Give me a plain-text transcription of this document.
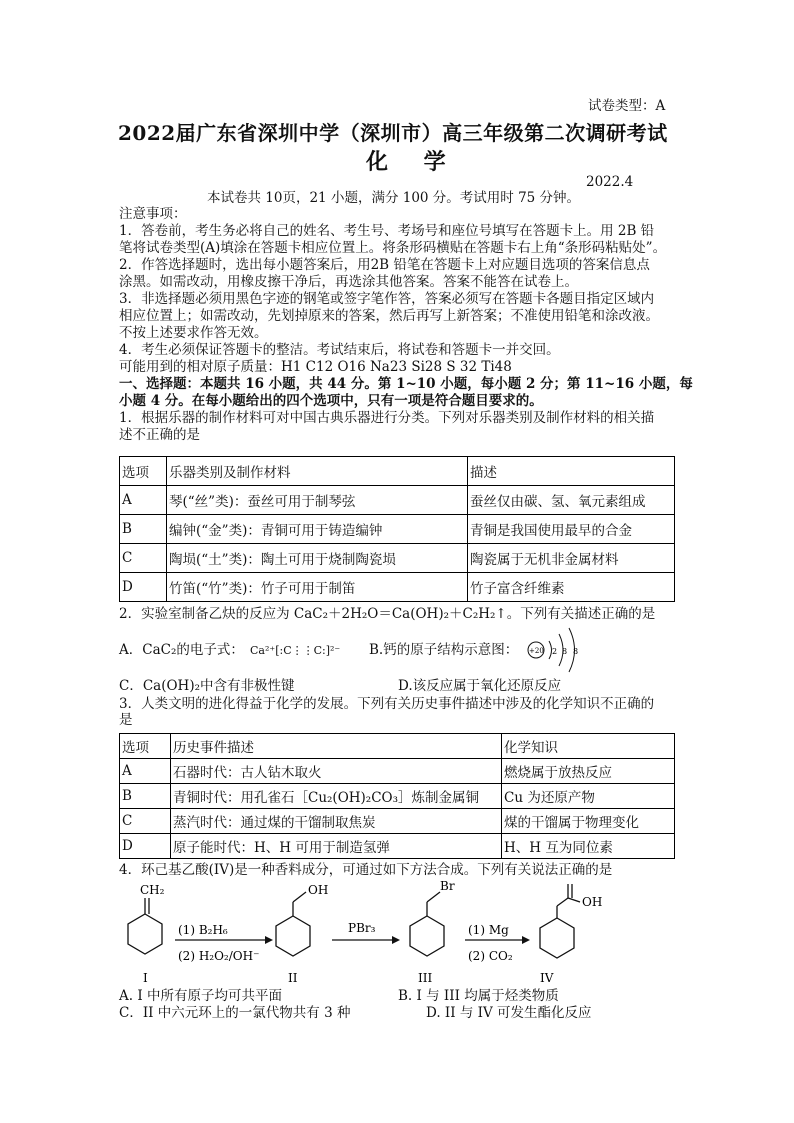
试卷类型：A
2022届广东省深圳中学（深圳市）高三年级第二次调研考试
化 学
2022.4
本试卷共 10页，21 小题，满分 100 分。考试用时 75 分钟。
注意事项：
1．答卷前，考生务必将自己的姓名、考生号、考场号和座位号填写在答题卡上。用 2B 铅
笔将试卷类型(A)填涂在答题卡相应位置上。将条形码横贴在答题卡右上角“条形码粘贴处”。
2．作答选择题时，选出每小题答案后，用2B 铅笔在答题卡上对应题目选项的答案信息点
涂黑。如需改动，用橡皮擦干净后，再选涂其他答案。答案不能答在试卷上。
3．非选择题必须用黑色字迹的钢笔或签字笔作答，答案必须写在答题卡各题目指定区域内
相应位置上；如需改动，先划掉原来的答案，然后再写上新答案；不准使用铅笔和涂改液。
不按上述要求作答无效。
4．考生必须保证答题卡的整洁。考试结束后，将试卷和答题卡一并交回。
可能用到的相对原子质量：H1 C12 O16 Na23 Si28 S 32 Ti48
一、选择题：本题共 16 小题，共 44 分。第 1~10 小题，每小题 2 分；第 11~16 小题，每
小题 4 分。在每小题给出的四个选项中，只有一项是符合题目要求的。
1．根据乐器的制作材料可对中国古典乐器进行分类。下列对乐器类别及制作材料的相关描
述不正确的是
选项	乐器类别及制作材料	描述
A	琴(“丝”类)：蚕丝可用于制琴弦	蚕丝仅由碳、氢、氧元素组成
B	编钟(“金”类)：青铜可用于铸造编钟	青铜是我国使用最早的合金
C	陶埙(“土”类)：陶土可用于烧制陶瓷埙	陶瓷属于无机非金属材料
D	竹笛(“竹”类)：竹子可用于制笛	竹子富含纤维素
2．实验室制备乙炔的反应为 CaC₂＋2H₂O＝Ca(OH)₂＋C₂H₂↑。下列有关描述正确的是
A．CaC₂的电子式： Ca²⁺[:C⋮⋮C:]²⁻ B.钙的原子结构示意图： +20 2 8 8
C．Ca(OH)₂中含有非极性键	D.该反应属于氧化还原反应
3．人类文明的进化得益于化学的发展。下列有关历史事件描述中涉及的化学知识不正确的
是
选项	历史事件描述	化学知识
A	石器时代：古人钻木取火	燃烧属于放热反应
B	青铜时代：用孔雀石［Cu₂(OH)₂CO₃］炼制金属铜	Cu 为还原产物
C	蒸汽时代：通过煤的干馏制取焦炭	煤的干馏属于物理变化
D	原子能时代：H、H 可用于制造氢弹	H、H 互为同位素
4．环己基乙酸(IV)是一种香料成分，可通过如下方法合成。下列有关说法正确的是
CH₂
I
(1) B₂H₆
(2) H₂O₂/OH⁻
OH
II
PBr₃
Br
III
(1) Mg
(2) CO₂
OH
IV
A. I 中所有原子均可共平面	B. I 与 III 均属于烃类物质
C．II 中六元环上的一氯代物共有 3 种	D. II 与 IV 可发生酯化反应
